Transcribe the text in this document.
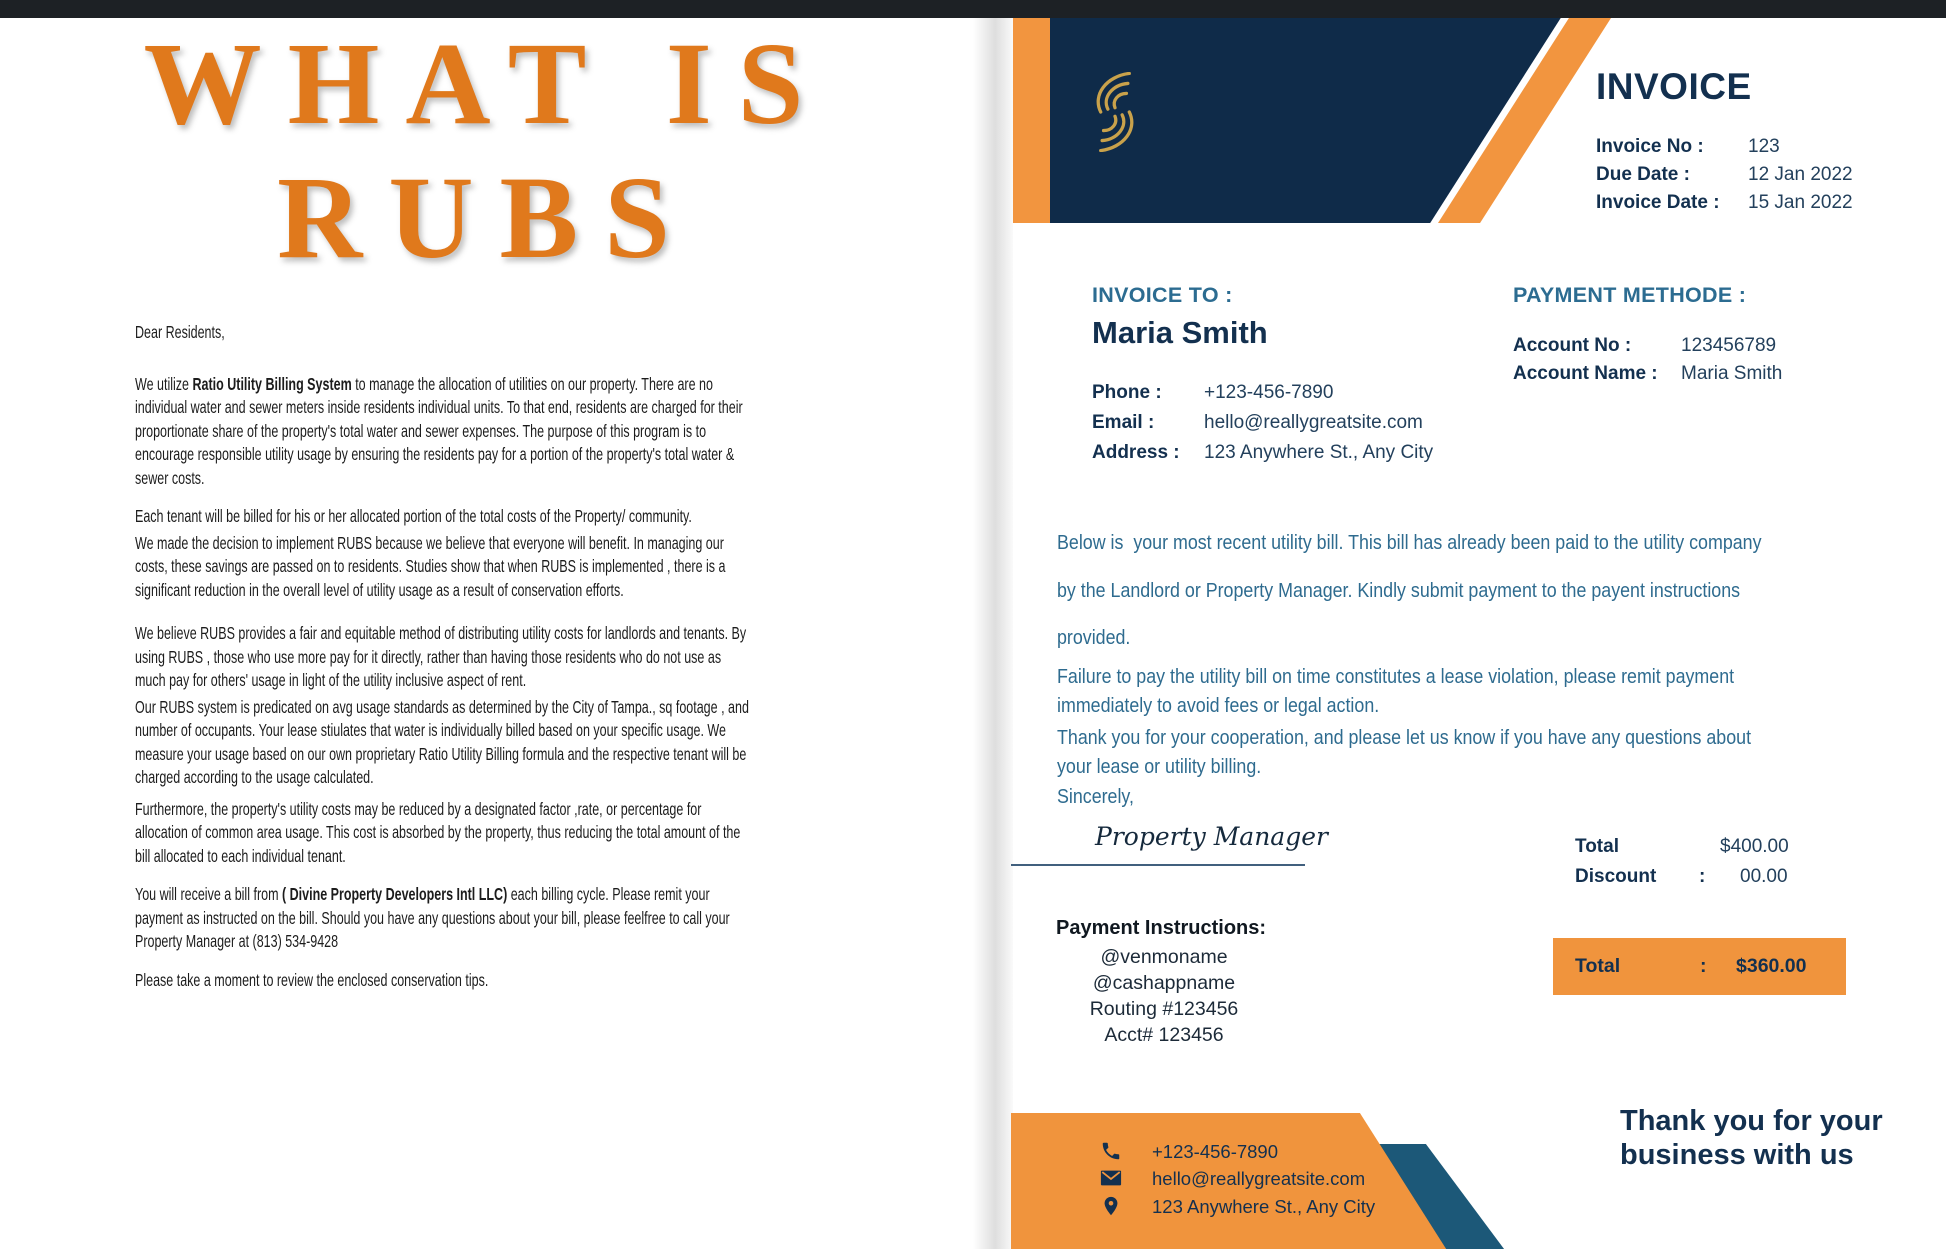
WHAT IS
RUBS

Dear Residents,

We utilize Ratio Utility Billing System to manage the allocation of utilities on our property. There are no individual water and sewer meters inside residents individual units. To that end, residents are charged for their proportionate share of the property's total water and sewer expenses. The purpose of this program is to encourage responsible utility usage by ensuring the residents pay for a portion of the property's total water & sewer costs.

Each tenant will be billed for his or her allocated portion of the total costs of the Property/ community.

We made the decision to implement RUBS because we believe that everyone will benefit. In managing our costs, these savings are passed on to residents. Studies show that when RUBS is implemented , there is a significant reduction in the overall level of utility usage as a result of conservation efforts.

We believe RUBS provides a fair and equitable method of distributing utility costs for landlords and tenants. By using RUBS , those who use more pay for it directly, rather than having those residents who do not use as much pay for others' usage in light of the utility inclusive aspect of rent.

Our RUBS system is predicated on avg usage standards as determined by the City of Tampa., sq footage , and number of occupants. Your lease stiulates that water is individually billed based on your specific usage. We measure your usage based on our own proprietary Ratio Utility Billing formula and the respective tenant will be charged according to the usage calculated.

Furthermore, the property's utility costs may be reduced by a designated factor ,rate, or percentage for allocation of common area usage. This cost is absorbed by the property, thus reducing the total amount of the bill allocated to each individual tenant.

You will receive a bill from ( Divine Property Developers Intl LLC) each billing cycle. Please remit your payment as instructed on the bill. Should you have any questions about your bill, please feelfree to call your Property Manager at (813) 534-9428

Please take a moment to review the enclosed conservation tips.

INVOICE
Invoice No : 123
Due Date :	12 Jan 2022
Invoice Date : 15 Jan 2022
INVOICE TO :
Maria Smith
Phone : +123-456-7890
Email :	hello@reallygreatsite.com
Address : 123 Anywhere St., Any City
PAYMENT METHODE :
Account No :	123456789
Account Name : Maria Smith
Below is  your most recent utility bill. This bill has already been paid to the utility company
by the Landlord or Property Manager. Kindly submit payment to the payent instructions
provided.
Failure to pay the utility bill on time constitutes a lease violation, please remit payment
immediately to avoid fees or legal action.
Thank you for your cooperation, and please let us know if you have any questions about
your lease or utility billing.
Sincerely,
Property Manager	Total	$400.00
Discount : 00.00
Total	: $360.00
Payment Instructions:
@venmoname
@cashappname
Routing #123456
Acct# 123456
+123-456-7890
hello@reallygreatsite.com
123 Anywhere St., Any City
Thank you for your
business with us
